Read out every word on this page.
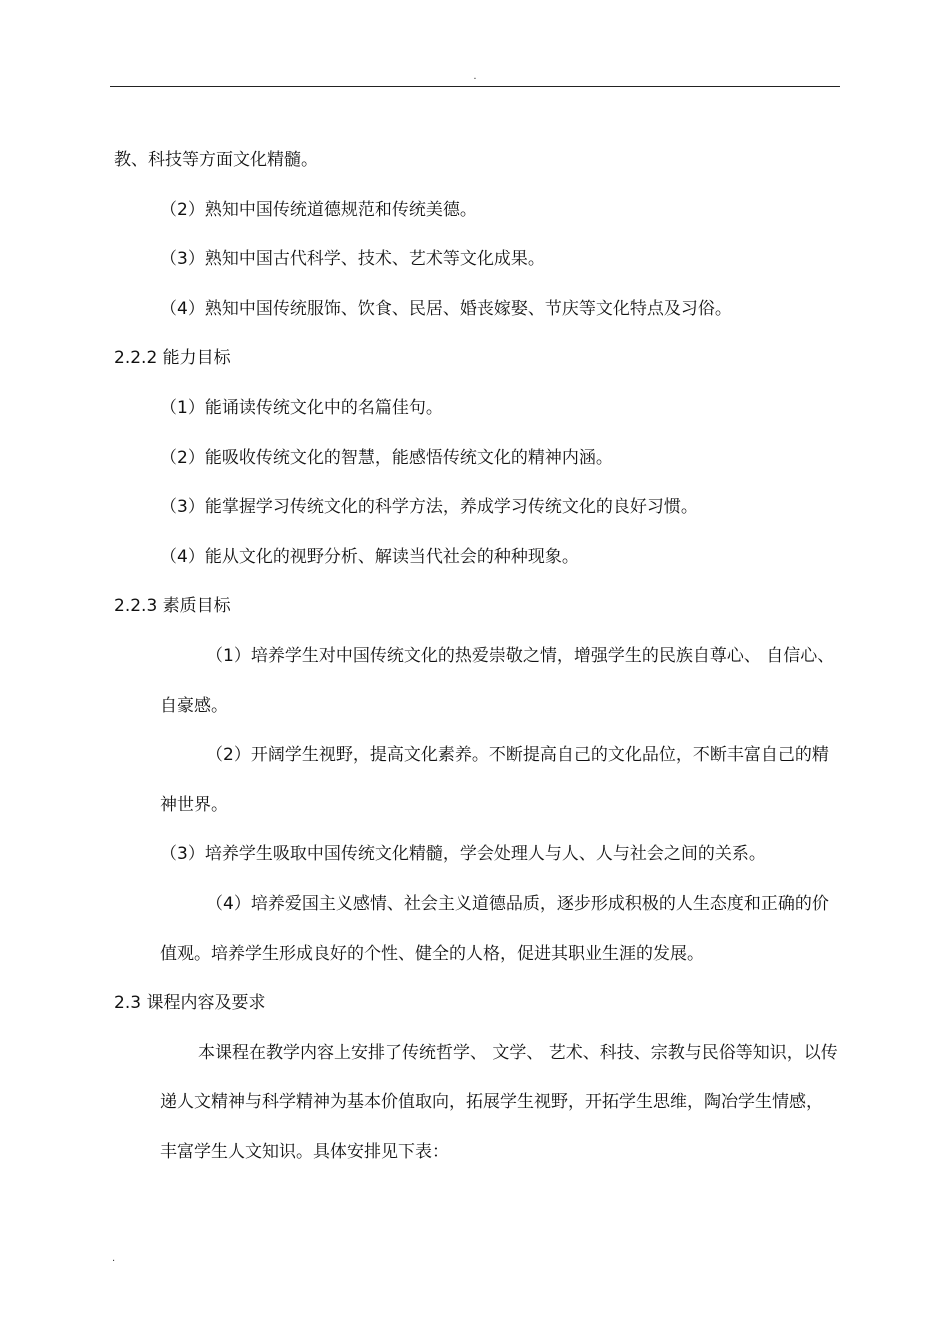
.

教、科技等方面文化精髓。

（2）熟知中国传统道德规范和传统美德。

（3）熟知中国古代科学、技术、艺术等文化成果。

（4）熟知中国传统服饰、饮食、民居、婚丧嫁娶、节庆等文化特点及习俗。

2.2.2 能力目标

（1）能诵读传统文化中的名篇佳句。

（2）能吸收传统文化的智慧，能感悟传统文化的精神内涵。

（3）能掌握学习传统文化的科学方法，养成学习传统文化的良好习惯。

（4）能从文化的视野分析、解读当代社会的种种现象。

2.2.3 素质目标

（1）培养学生对中国传统文化的热爱崇敬之情，增强学生的民族自尊心、 自信心、自豪感。

（2）开阔学生视野，提高文化素养。不断提高自己的文化品位，不断丰富自己的精神世界。

（3）培养学生吸取中国传统文化精髓，学会处理人与人、人与社会之间的关系。

（4）培养爱国主义感情、社会主义道德品质，逐步形成积极的人生态度和正确的价值观。培养学生形成良好的个性、健全的人格，促进其职业生涯的发展。

2.3 课程内容及要求

本课程在教学内容上安排了传统哲学、 文学、 艺术、科技、宗教与民俗等知识，以传递人文精神与科学精神为基本价值取向，拓展学生视野，开拓学生思维，陶冶学生情感，丰富学生人文知识。具体安排见下表：

.
